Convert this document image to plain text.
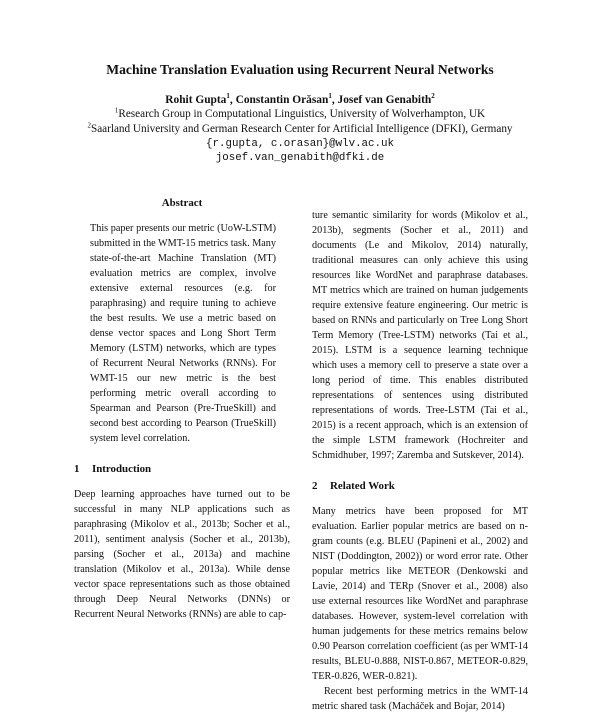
Machine Translation Evaluation using Recurrent Neural Networks
Rohit Gupta$^1$, Constantin Orăsan$^1$, Josef van Genabith$^2$
$^1$Research Group in Computational Linguistics, University of Wolverhampton, UK
$^2$Saarland University and German Research Center for Artificial Intelligence (DFKI), Germany
{r.gupta, c.orasan}@wlv.ac.uk
josef.van_genabith@dfki.de
Abstract
This paper presents our metric (UoW-LSTM) submitted in the WMT-15 metrics task. Many state-of-the-art Machine Translation (MT) evaluation metrics are complex, involve extensive external resources (e.g. for paraphrasing) and require tuning to achieve the best results. We use a metric based on dense vector spaces and Long Short Term Memory (LSTM) networks, which are types of Recurrent Neural Networks (RNNs). For WMT-15 our new metric is the best performing metric overall according to Spearman and Pearson (Pre-TrueSkill) and second best according to Pearson (TrueSkill) system level correlation.
1 Introduction

Deep learning approaches have turned out to be successful in many NLP applications such as paraphrasing (Mikolov et al., 2013b; Socher et al., 2011), sentiment analysis (Socher et al., 2013b), parsing (Socher et al., 2013a) and machine translation (Mikolov et al., 2013a). While dense vector space representations such as those obtained through Deep Neural Networks (DNNs) or Recurrent Neural Networks (RNNs) are able to cap-

ture semantic similarity for words (Mikolov et al., 2013b), segments (Socher et al., 2011) and documents (Le and Mikolov, 2014) naturally, traditional measures can only achieve this using resources like WordNet and paraphrase databases. MT metrics which are trained on human judgements require extensive feature engineering. Our metric is based on RNNs and particularly on Tree Long Short Term Memory (Tree-LSTM) networks (Tai et al., 2015). LSTM is a sequence learning technique which uses a memory cell to preserve a state over a long period of time. This enables distributed representations of sentences using distributed representations of words. Tree-LSTM (Tai et al., 2015) is a recent approach, which is an extension of the simple LSTM framework (Hochreiter and Schmidhuber, 1997; Zaremba and Sutskever, 2014).

2 Related Work

Many metrics have been proposed for MT evaluation. Earlier popular metrics are based on n-gram counts (e.g. BLEU (Papineni et al., 2002) and NIST (Doddington, 2002)) or word error rate. Other popular metrics like METEOR (Denkowski and Lavie, 2014) and TERp (Snover et al., 2008) also use external resources like WordNet and paraphrase databases. However, system-level correlation with human judgements for these metrics remains below 0.90 Pearson correlation coefficient (as per WMT-14 results, BLEU-0.888, NIST-0.867, METEOR-0.829, TER-0.826, WER-0.821).

Recent best performing metrics in the WMT-14 metric shared task (Macháček and Bojar, 2014)
